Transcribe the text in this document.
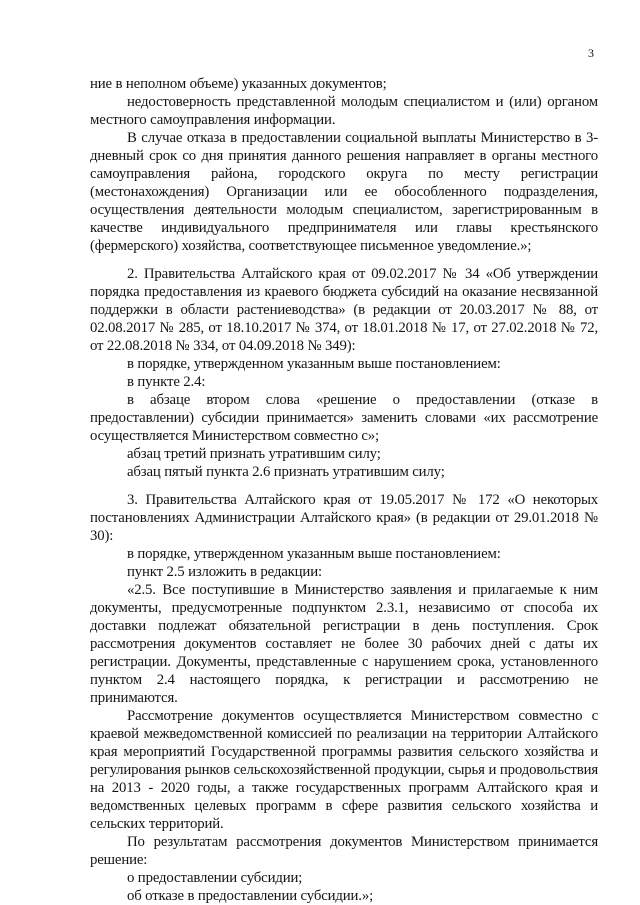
3

ние в неполном объеме) указанных документов;

недостоверность представленной молодым специалистом и (или) органом местного самоуправления информации.

В случае отказа в предоставлении социальной выплаты Министерство в 3-дневный срок со дня принятия данного решения направляет в органы местного самоуправления района, городского округа по месту регистрации (местонахождения) Организации или ее обособленного подразделения, осуществления деятельности молодым специалистом, зарегистрированным в качестве индивидуального предпринимателя или главы крестьянского (фермерского) хозяйства, соответствующее письменное уведомление.»;

2. Правительства Алтайского края от 09.02.2017 № 34 «Об утверждении порядка предоставления из краевого бюджета субсидий на оказание несвязанной поддержки в области растениеводства» (в редакции от 20.03.2017 № 88, от 02.08.2017 № 285, от 18.10.2017 № 374, от 18.01.2018 № 17, от 27.02.2018 № 72, от 22.08.2018 № 334, от 04.09.2018 № 349):

в порядке, утвержденном указанным выше постановлением:

в пункте 2.4:

в абзаце втором слова «решение о предоставлении (отказе в предоставлении) субсидии принимается» заменить словами «их рассмотрение осуществляется Министерством совместно с»;

абзац третий признать утратившим силу;

абзац пятый пункта 2.6 признать утратившим силу;

3. Правительства Алтайского края от 19.05.2017 № 172 «О некоторых постановлениях Администрации Алтайского края» (в редакции от 29.01.2018 № 30):

в порядке, утвержденном указанным выше постановлением:

пункт 2.5 изложить в редакции:

«2.5. Все поступившие в Министерство заявления и прилагаемые к ним документы, предусмотренные подпунктом 2.3.1, независимо от способа их доставки подлежат обязательной регистрации в день поступления. Срок рассмотрения документов составляет не более 30 рабочих дней с даты их регистрации. Документы, представленные с нарушением срока, установленного пунктом 2.4 настоящего порядка, к регистрации и рассмотрению не принимаются.

Рассмотрение документов осуществляется Министерством совместно с краевой межведомственной комиссией по реализации на территории Алтайского края мероприятий Государственной программы развития сельского хозяйства и регулирования рынков сельскохозяйственной продукции, сырья и продовольствия на 2013 - 2020 годы, а также государственных программ Алтайского края и ведомственных целевых программ в сфере развития сельского хозяйства и сельских территорий.

По результатам рассмотрения документов Министерством принимается решение:

о предоставлении субсидии;

об отказе в предоставлении субсидии.»;
